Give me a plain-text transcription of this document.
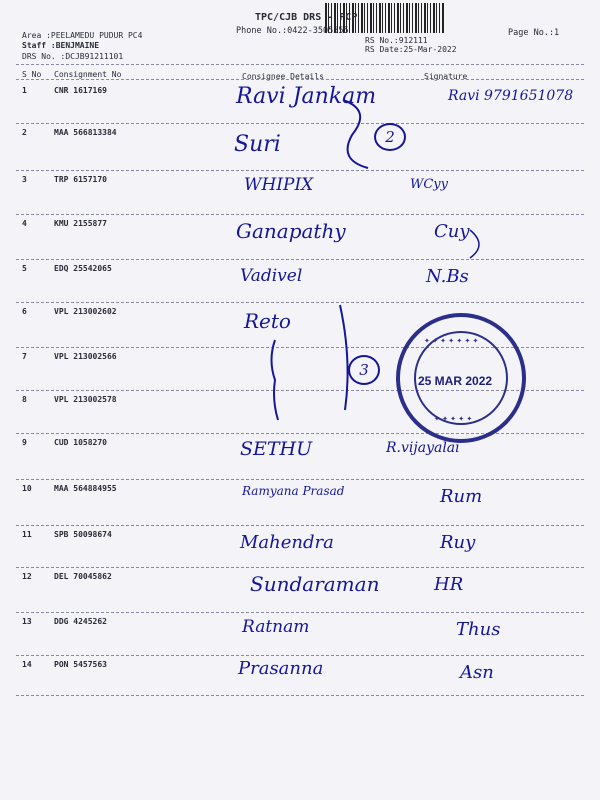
TPC/CJB DRS - PCP
Phone No.:0422-3505555	Page No.:1
Area :PEELAMEDU PUDUR PC4
Staff :BENJMAINE
DRS No. :DCJB91211101
RS No.:912111
RS Date:25-Mar-2022
S No Consignment No	Consignee Details	Signature
1	CNR 1617169	Ravi Jankam	Ravi 9791651078
2	MAA 566813384	Suri
3	TRP 6157170	WHIPIX	WCyy
4	KMU 2155877	Ganapathy	Cuy
5	EDQ 25542065	Vadivel	N.Bs
6	VPL 213002602	Reto
7	VPL 213002566
8	VPL 213002578
9	CUD 1058270	SETHU	R.vijayalai
10	MAA 564884955	Ramyana Prasad	Rum
11	SPB 50098674	Mahendra	Ruy
12	DEL 70045862	Sundaraman	HR
13	DDG 4245262	Ratnam	Thus
14	PON 5457563	Prasanna	Asn
2
3
✦ ✦ ✦ ✦ ✦ ✦ ✦
25 MAR 2022
✦ ✦ ✦ ✦ ✦
